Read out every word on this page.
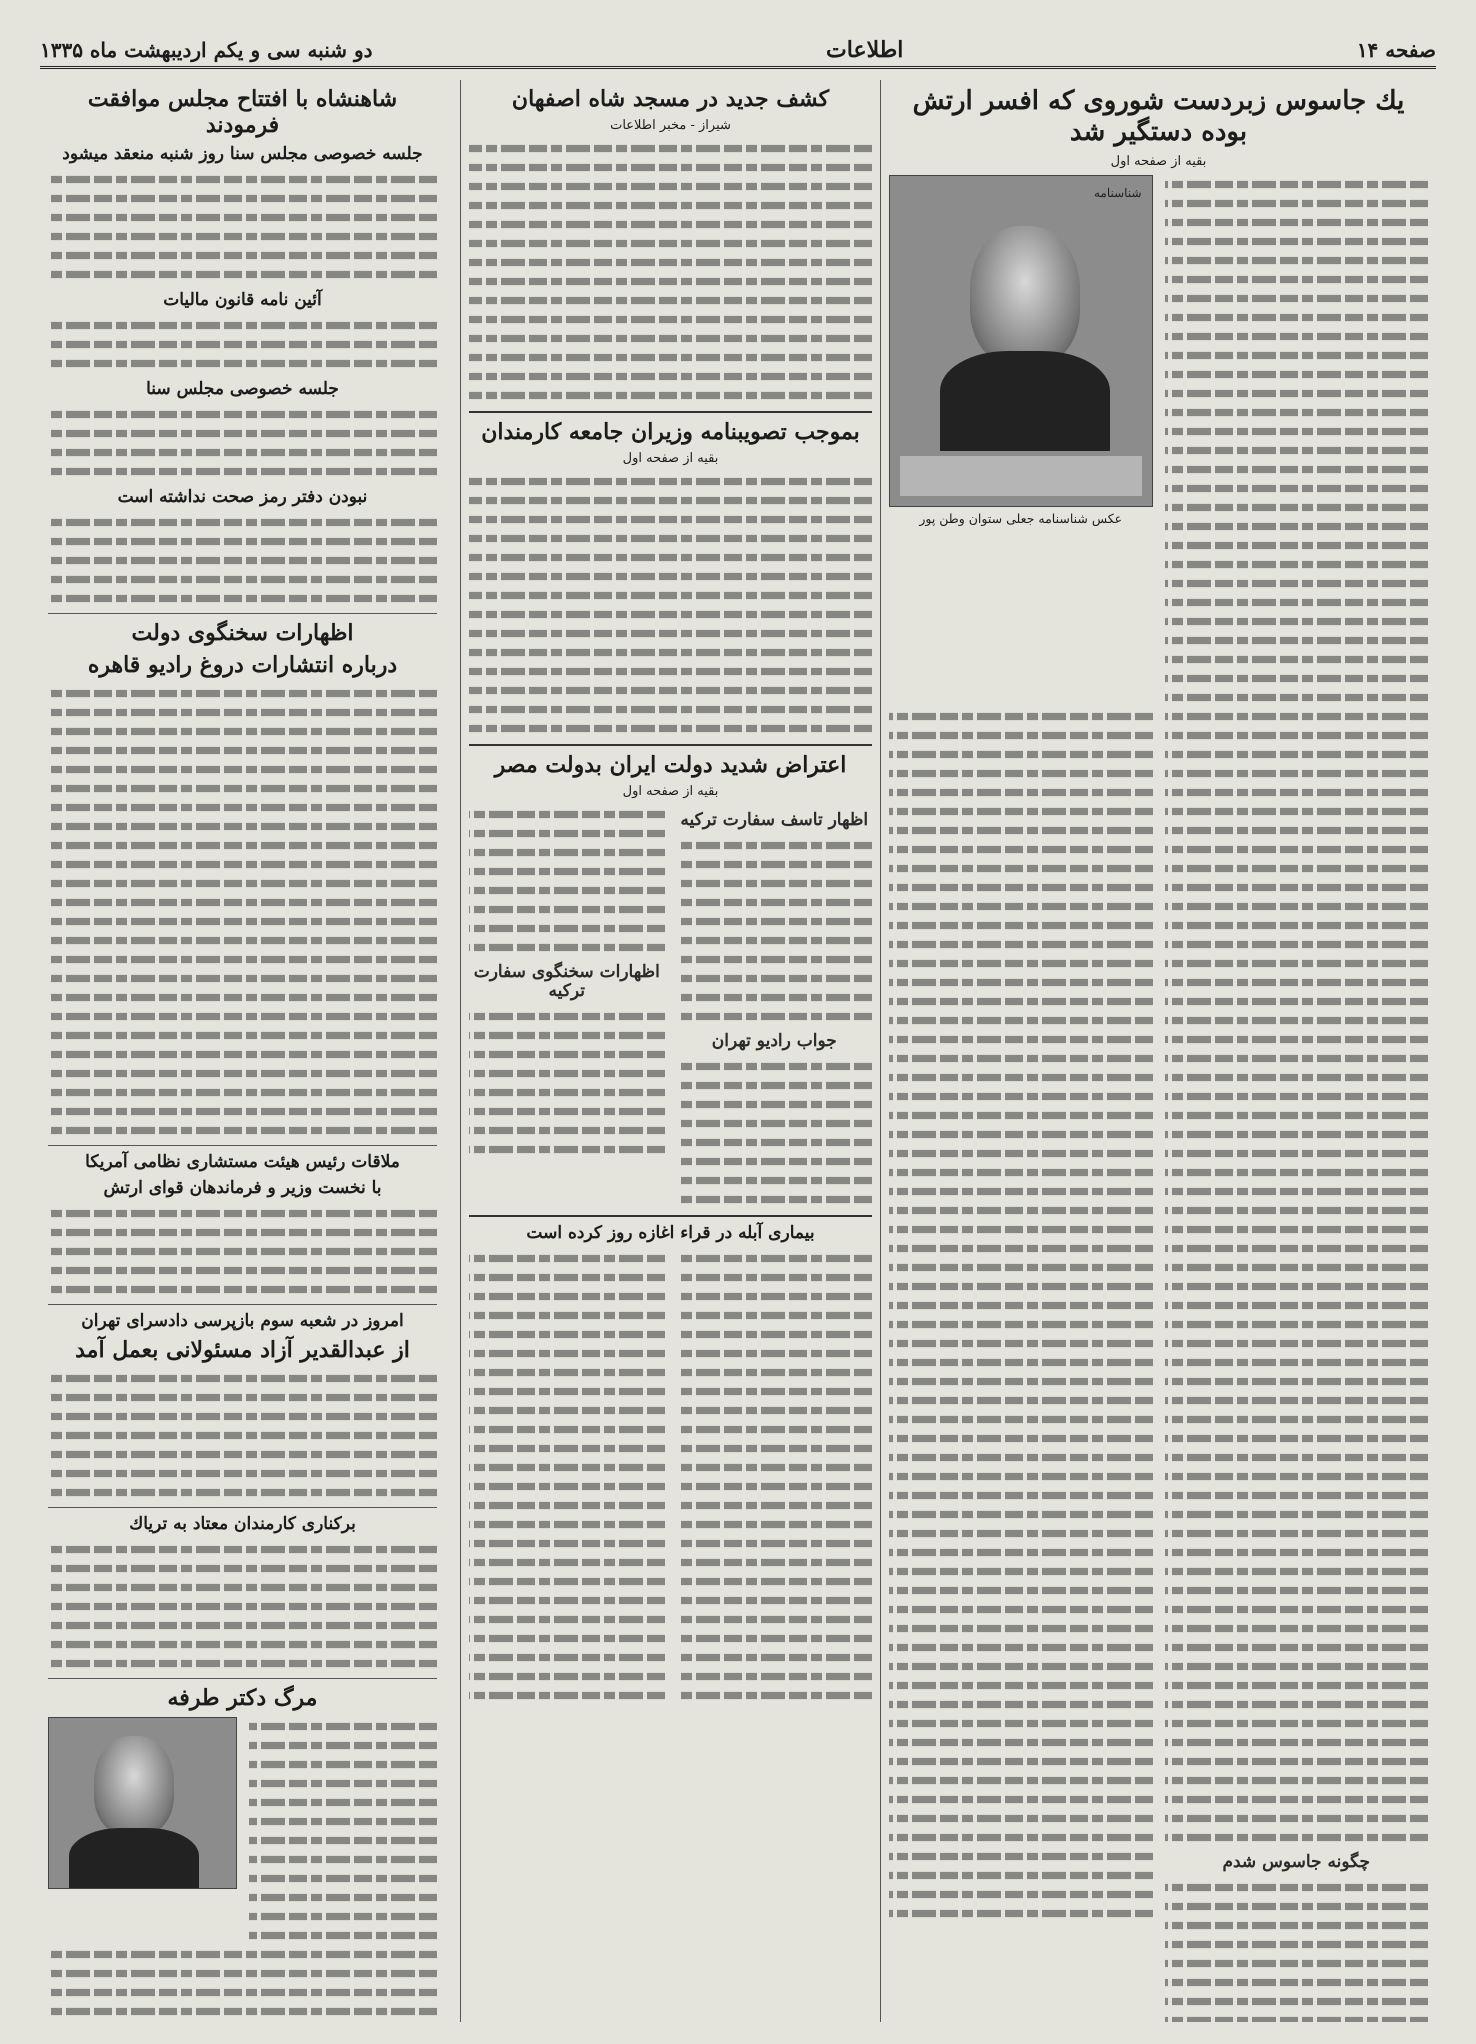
صفحه ۱۴
اطلاعات
دو شنبه سی و یکم اردیبهشت ماه ۱۳۳۵
یك جاسوس زبردست شوروی كه افسر ارتش بوده دستگیر شد
بقیه از صفحه اول
شناسنامه
عكس شناسنامه جعلی ستوان وطن پور
چگونه جاسوس شدم
كشف جدید در مسجد شاه اصفهان
شیراز - مخبر اطلاعات
بموجب تصویبنامه وزیران جامعه كارمندان
بقیه از صفحه اول
اعتراض شدید دولت ایران بدولت مصر
بقیه از صفحه اول
اظهار تاسف سفارت تركیه
جواب رادیو تهران
اظهارات سخنگوی سفارت تركیه
بیماری آبله در قراء اغازه روز كرده است
شاهنشاه با افتتاح مجلس موافقت فرمودند
جلسه خصوصی مجلس سنا روز شنبه منعقد میشود
آئین نامه قانون مالیات
جلسه خصوصی مجلس سنا
نبودن دفتر رمز صحت نداشته است
اظهارات سخنگوی دولت
درباره انتشارات دروغ رادیو قاهره
ملاقات رئیس هیئت مستشاری نظامی آمریكا
با نخست وزیر و فرماندهان قوای ارتش
امروز در شعبه سوم بازپرسی دادسرای تهران
از عبدالقدیر آزاد مسئولانی بعمل آمد
بركناری كارمندان معتاد به تریاك
مرگ دكتر طرفه
